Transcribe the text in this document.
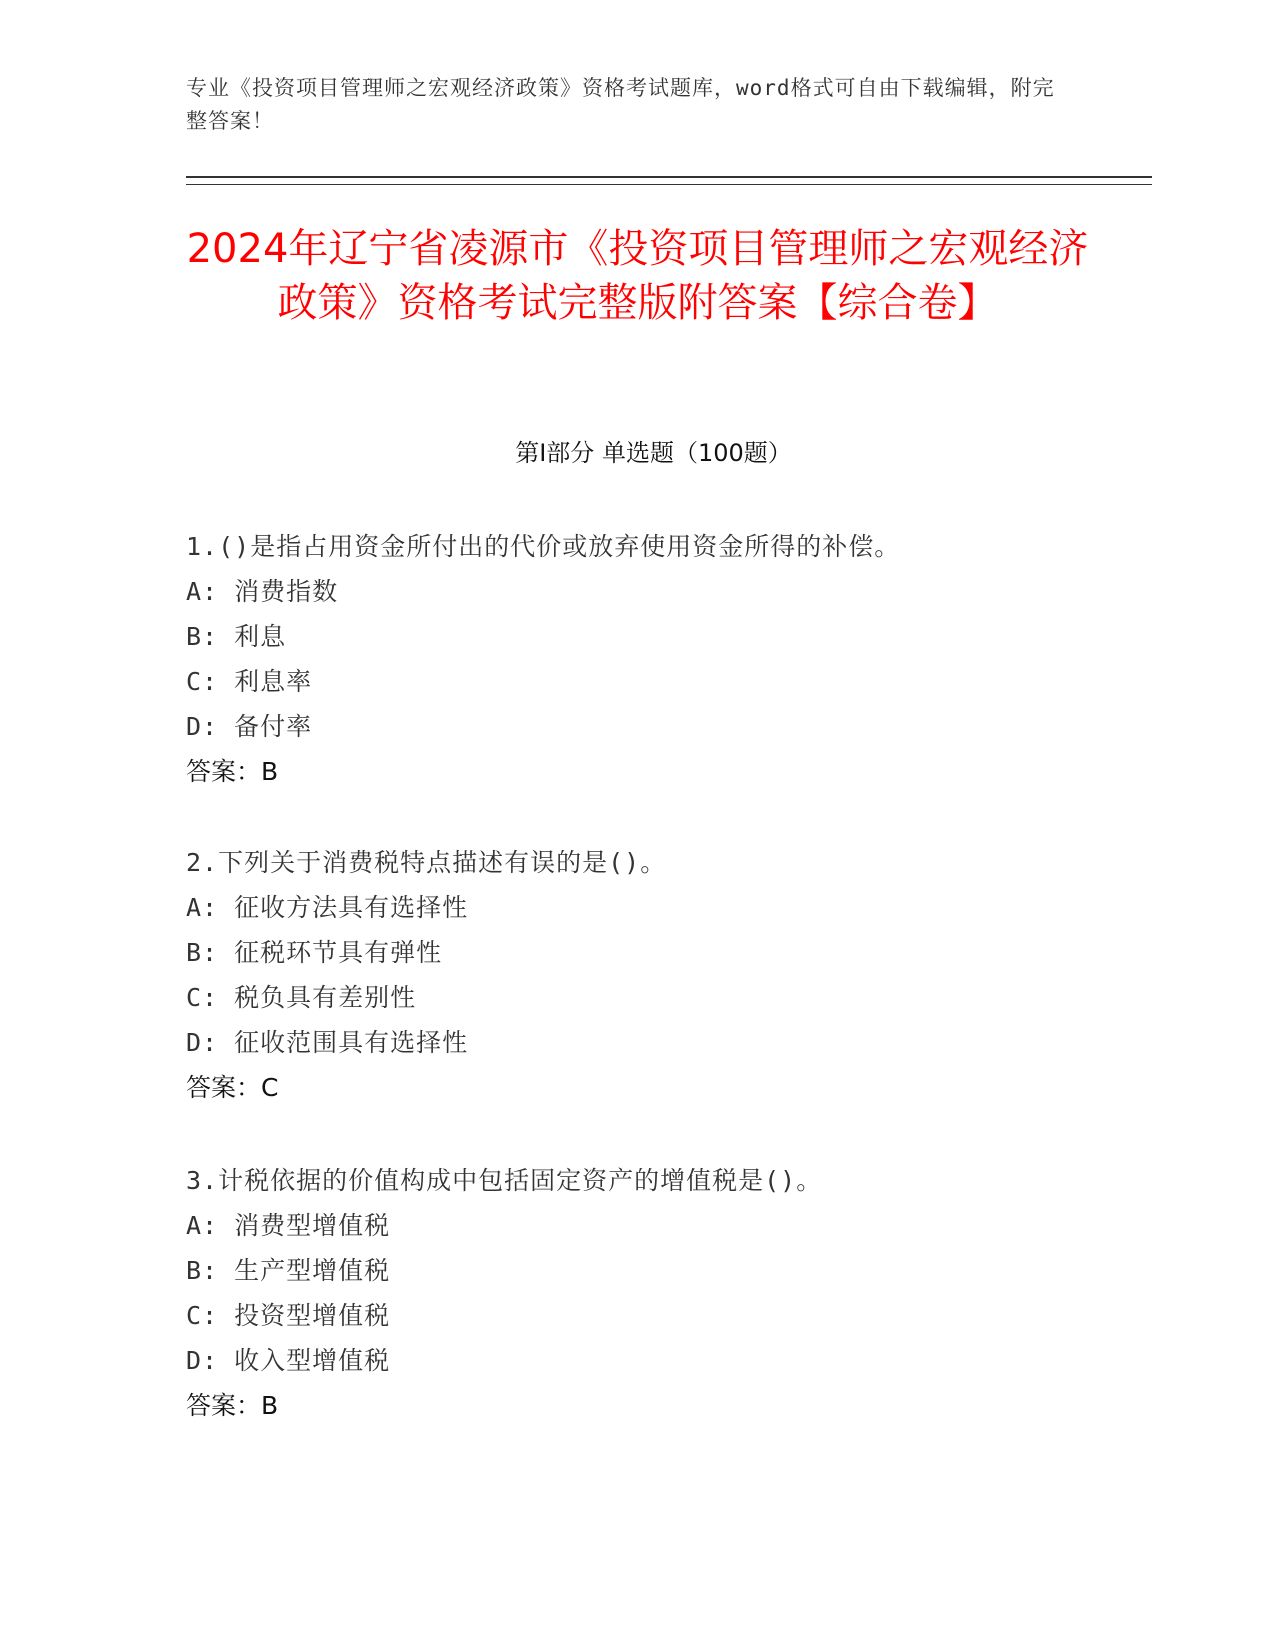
专业《投资项目管理师之宏观经济政策》资格考试题库，word格式可自由下载编辑，附完整答案！
2024年辽宁省凌源市《投资项目管理师之宏观经济政策》资格考试完整版附答案【综合卷】
第Ⅰ部分 单选题（100题）
1.()是指占用资金所付出的代价或放弃使用资金所得的补偿。
A: 消费指数
B: 利息
C: 利息率
D: 备付率
答案：B
2.下列关于消费税特点描述有误的是()。
A: 征收方法具有选择性
B: 征税环节具有弹性
C: 税负具有差别性
D: 征收范围具有选择性
答案：C
3.计税依据的价值构成中包括固定资产的增值税是()。
A: 消费型增值税
B: 生产型增值税
C: 投资型增值税
D: 收入型增值税
答案：B
